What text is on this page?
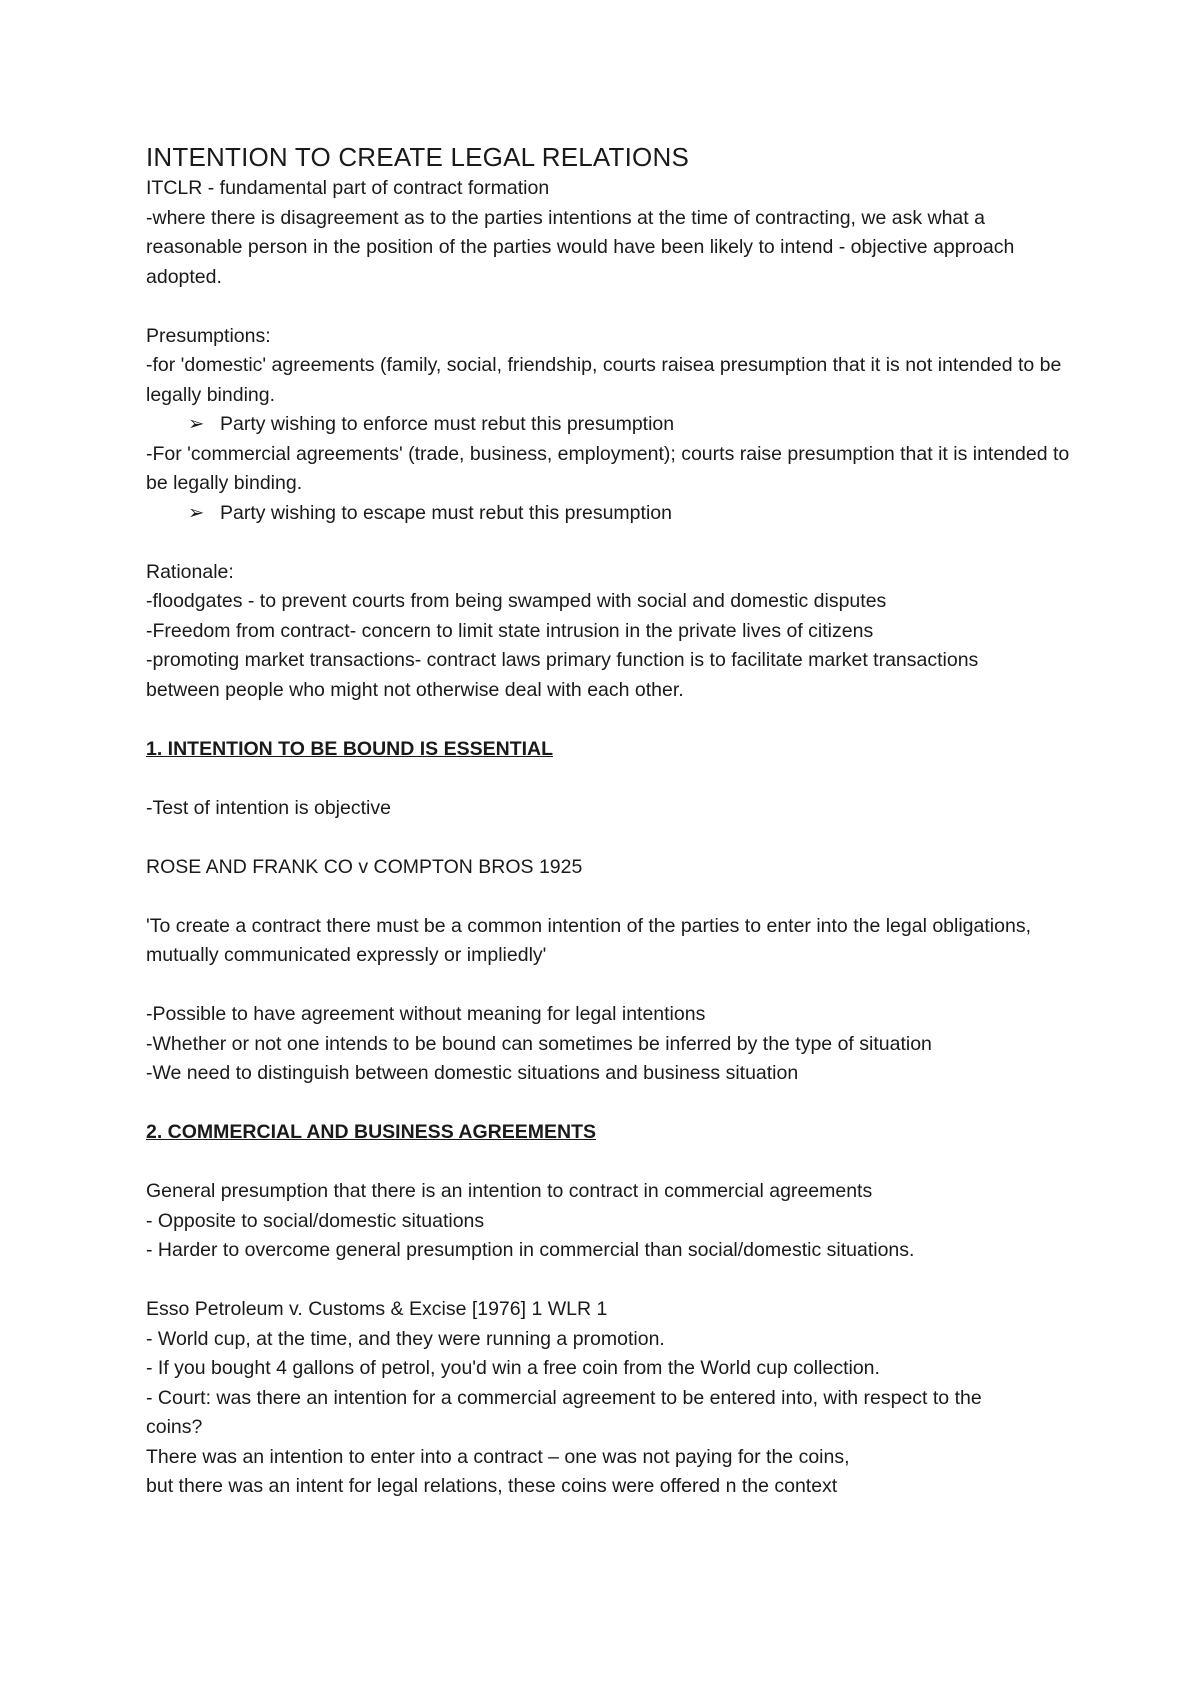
INTENTION TO CREATE LEGAL RELATIONS

ITCLR - fundamental part of contract formation

-where there is disagreement as to the parties intentions at the time of contracting, we ask what a reasonable person in the position of the parties would have been likely to intend - objective approach adopted.

Presumptions:

-for 'domestic' agreements (family, social, friendship, courts raisea presumption that it is not intended to be legally binding.

➢ Party wishing to enforce must rebut this presumption

-For 'commercial agreements' (trade, business, employment); courts raise presumption that it is intended to be legally binding.

➢ Party wishing to escape must rebut this presumption

Rationale:

-floodgates - to prevent courts from being swamped with social and domestic disputes

-Freedom from contract- concern to limit state intrusion in the private lives of citizens

-promoting market transactions- contract laws primary function is to facilitate market transactions between people who might not otherwise deal with each other.

1. INTENTION TO BE BOUND IS ESSENTIAL

-Test of intention is objective

ROSE AND FRANK CO v COMPTON BROS 1925

'To create a contract there must be a common intention of the parties to enter into the legal obligations, mutually communicated expressly or impliedly'

-Possible to have agreement without meaning for legal intentions

-Whether or not one intends to be bound can sometimes be inferred by the type of situation

-We need to distinguish between domestic situations and business situation

2. COMMERCIAL AND BUSINESS AGREEMENTS

General presumption that there is an intention to contract in commercial agreements

- Opposite to social/domestic situations

- Harder to overcome general presumption in commercial than social/domestic situations.

Esso Petroleum v. Customs & Excise [1976] 1 WLR 1

- World cup, at the time, and they were running a promotion.

- If you bought 4 gallons of petrol, you'd win a free coin from the World cup collection.

- Court: was there an intention for a commercial agreement to be entered into, with respect to the coins?

There was an intention to enter into a contract – one was not paying for the coins,

but there was an intent for legal relations, these coins were offered n the context
